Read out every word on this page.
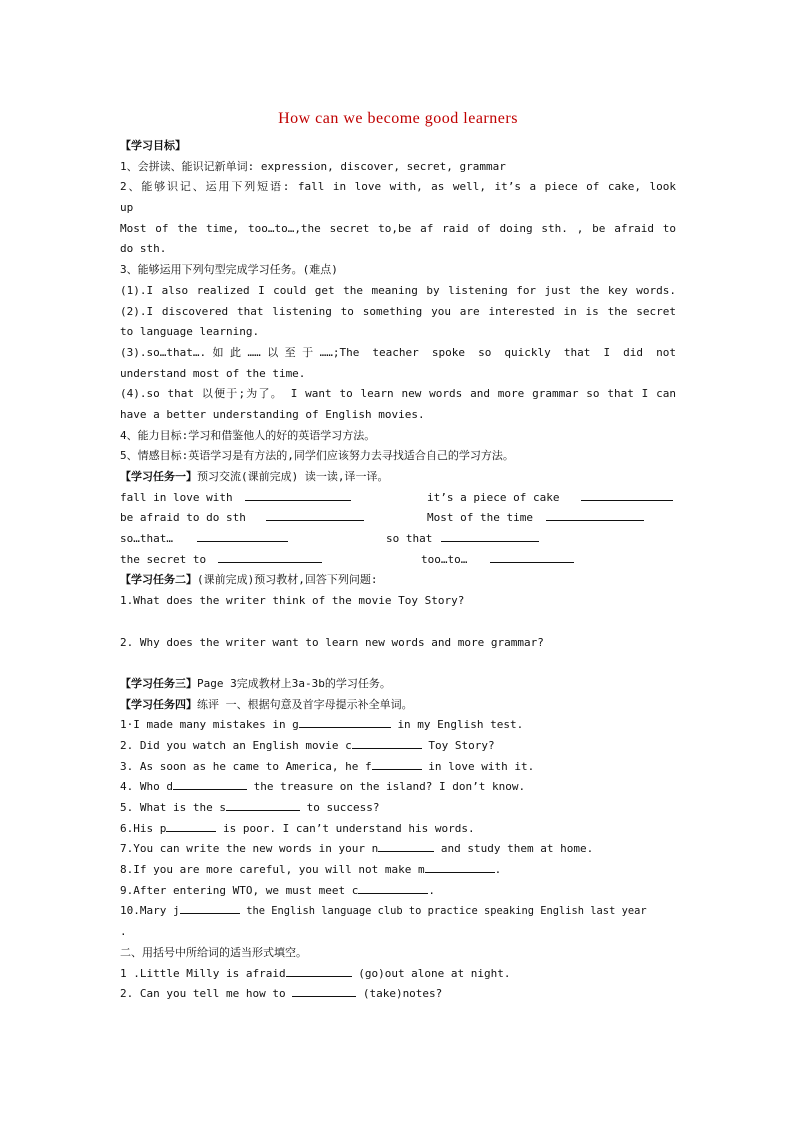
How can we become good learners
【学习目标】
1、会拼读、能识记新单词: expression, discover, secret, grammar
2、能够识记、运用下列短语: fall in love with, as well, it’s a piece of cake, look
up
Most of the time, too…to…,the secret to,be af raid of doing sth. , be afraid to
do sth.
3、能够运用下列句型完成学习任务。(难点)
(1).I also realized I could get the meaning by listening for just the key words.
(2).I discovered that listening to something you are interested in is the secret
to language learning.
(3).so…that….如此……以至于……;The teacher spoke so quickly that I did not
understand most of the time.
(4).so that 以便于;为了。 I want to learn new words and more grammar so that I can
have a better understanding of English movies.
4、能力目标:学习和借鉴他人的好的英语学习方法。
5、情感目标:英语学习是有方法的,同学们应该努力去寻找适合自己的学习方法。
【学习任务一】预习交流(课前完成) 读一读,译一译。
fall in love with	it’s a piece of cake
be afraid to do sth	Most of the time
so…that…	so that
the secret to	too…to…
【学习任务二】(课前完成)预习教材,回答下列问题:
1.What does the writer think of the movie Toy Story?
2. Why does the writer want to learn new words and more grammar?
【学习任务三】Page 3完成教材上3a-3b的学习任务。
【学习任务四】练评 一、根据句意及首字母提示补全单词。
1·I made many mistakes in g	in my English test.
2. Did you watch an English movie c	Toy Story?
3. As soon as he came to America, he f	in love with it.
4. Who d	the treasure on the island? I don’t know.
5. What is the s	to success?
6.His p	is poor. I can’t understand his words.
7.You can write the new words in your n	and study them at home.
8.If you are more careful, you will not make m	.
9.After entering WTO, we must meet c	.
10.Mary j	the English language club to practice speaking English last year
.
二、用括号中所给词的适当形式填空。
1 .Little Milly is afraid	(go)out alone at night.
2. Can you tell me how to	(take)notes?
